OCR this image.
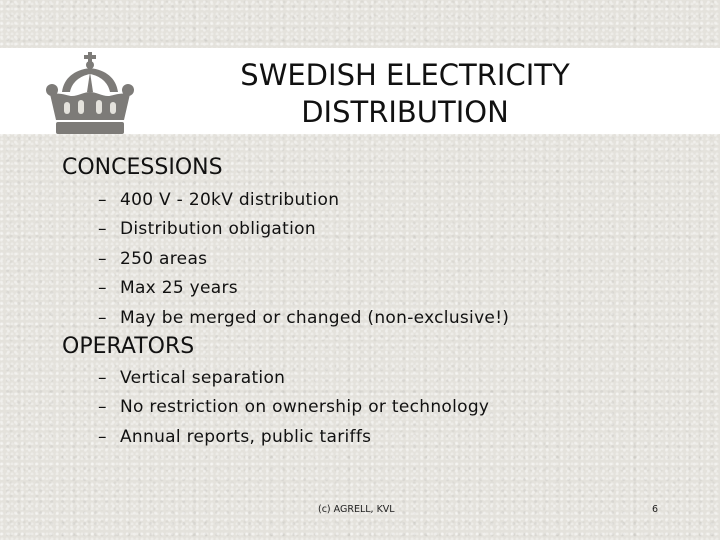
SWEDISH ELECTRICITY
DISTRIBUTION
CONCESSIONS
– 400 V - 20kV distribution
– Distribution obligation
– 250 areas
– Max 25 years
– May be merged or changed (non-exclusive!)
OPERATORS
– Vertical separation
– No restriction on ownership or technology
– Annual reports, public tariffs
(c) AGRELL, KVL	6
